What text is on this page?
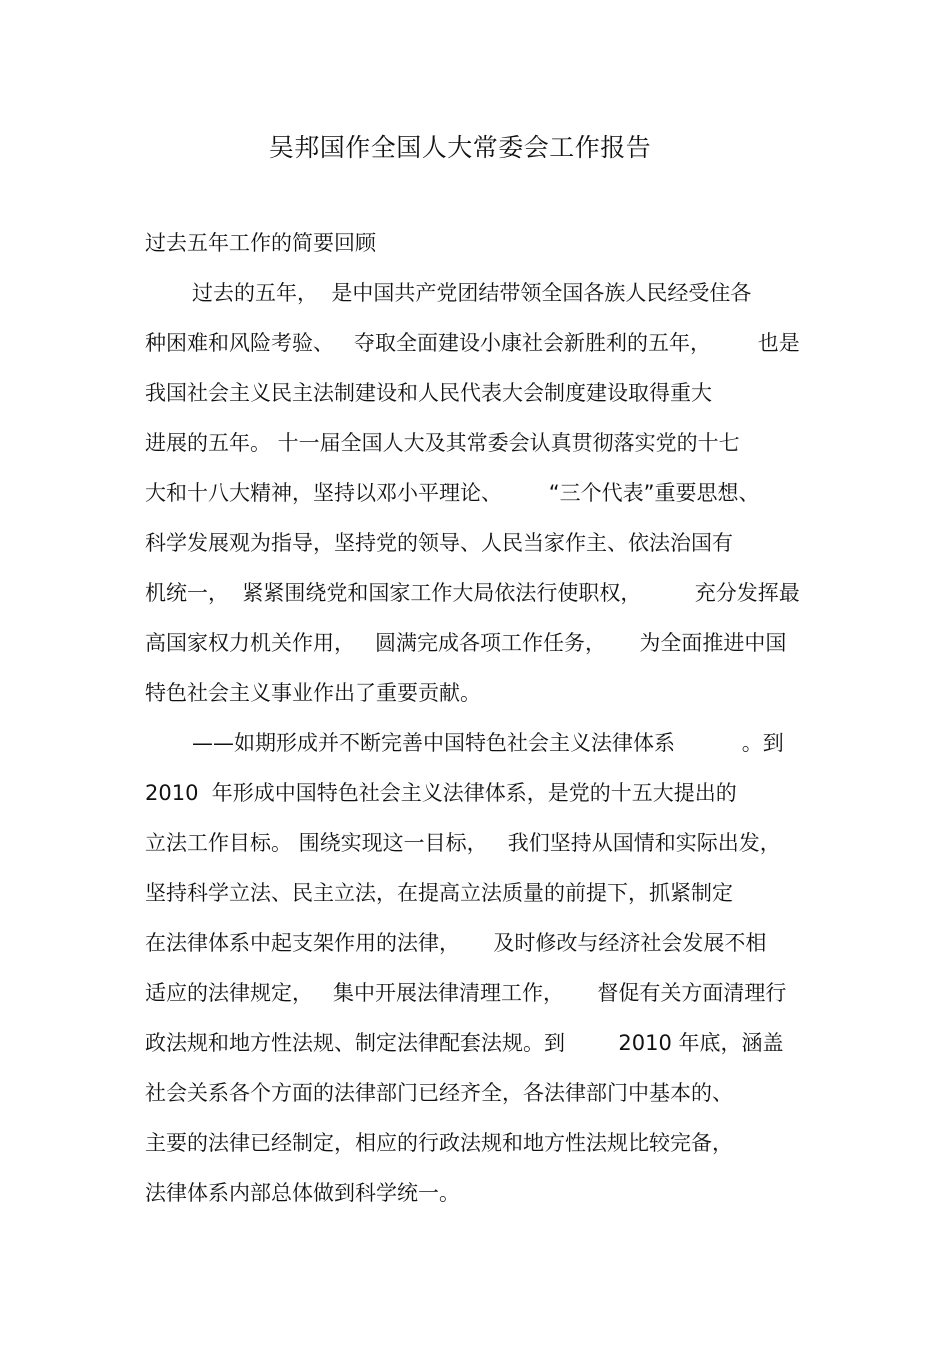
吴邦国作全国人大常委会工作报告
过去五年工作的简要回顾
过去的五年，  是中国共产党团结带领全国各族人民经受住各
种困难和风险考验、   夺取全面建设小康社会新胜利的五年，       也是
我国社会主义民主法制建设和人民代表大会制度建设取得重大
进展的五年。 十一届全国人大及其常委会认真贯彻落实党的十七
大和十八大精神，坚持以邓小平理论、       “三个代表”重要思想、
科学发展观为指导，坚持党的领导、人民当家作主、依法治国有
机统一，  紧紧围绕党和国家工作大局依法行使职权，        充分发挥最
高国家权力机关作用，   圆满完成各项工作任务，     为全面推进中国
特色社会主义事业作出了重要贡献。
——如期形成并不断完善中国特色社会主义法律体系          。到
2010  年形成中国特色社会主义法律体系，是党的十五大提出的
立法工作目标。 围绕实现这一目标，   我们坚持从国情和实际出发，
坚持科学立法、民主立法，在提高立法质量的前提下，抓紧制定
在法律体系中起支架作用的法律，     及时修改与经济社会发展不相
适应的法律规定，   集中开展法律清理工作，     督促有关方面清理行
政法规和地方性法规、制定法律配套法规。到        2010 年底，涵盖
社会关系各个方面的法律部门已经齐全，各法律部门中基本的、
主要的法律已经制定，相应的行政法规和地方性法规比较完备，
法律体系内部总体做到科学统一。
